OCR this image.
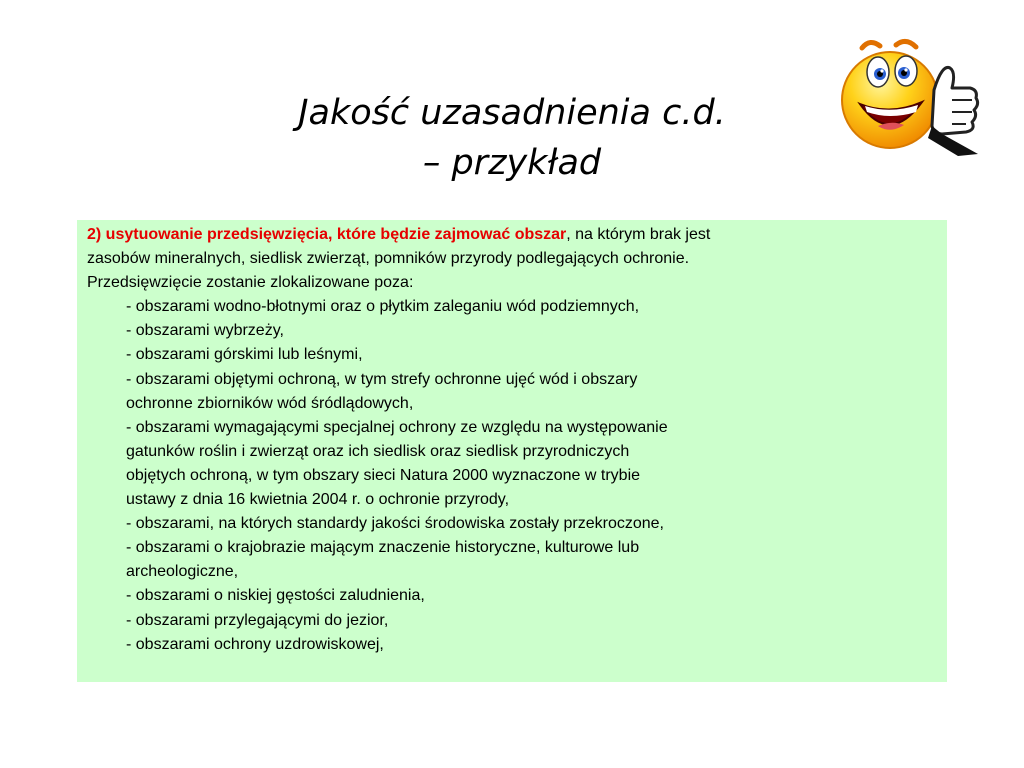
Jakość uzasadnienia c.d.
– przykład
2) usytuowanie przedsięwzięcia, które będzie zajmować obszar, na którym brak jest
zasobów mineralnych, siedlisk zwierząt, pomników przyrody podlegających ochronie.
Przedsięwzięcie zostanie zlokalizowane poza:
- obszarami wodno-błotnymi oraz o płytkim zaleganiu wód podziemnych,
- obszarami wybrzeży,
- obszarami górskimi lub leśnymi,
- obszarami objętymi ochroną, w tym strefy ochronne ujęć wód i obszary
ochronne zbiorników wód śródlądowych,
- obszarami wymagającymi specjalnej ochrony ze względu na występowanie
gatunków roślin i zwierząt oraz ich siedlisk oraz siedlisk przyrodniczych
objętych ochroną, w tym obszary sieci Natura 2000 wyznaczone w trybie
ustawy z dnia 16 kwietnia 2004 r. o ochronie przyrody,
- obszarami, na których standardy jakości środowiska zostały przekroczone,
- obszarami o krajobrazie mającym znaczenie historyczne, kulturowe lub
archeologiczne,
- obszarami o niskiej gęstości zaludnienia,
- obszarami przylegającymi do jezior,
- obszarami ochrony uzdrowiskowej,
